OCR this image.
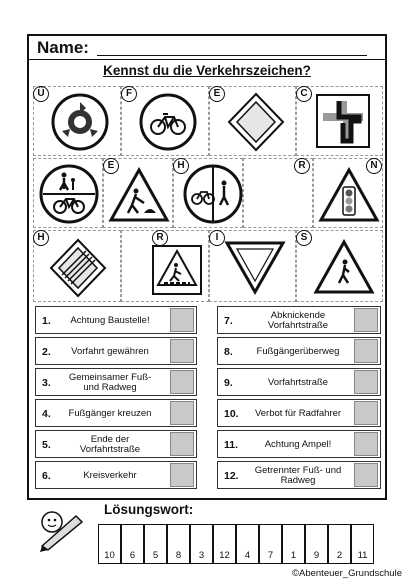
Name:
Kennst du die Verkehrszeichen?
Ü	F	E	C
E	H	R	N
H	R	I	S
1.	Achtung Baustelle!
2.	Vorfahrt gewähren
3.	Gemeinsamer Fuß- und Radweg
4.	Fußgänger kreuzen
5.	Ende der Vorfahrtstraße
6.	Kreisverkehr
7.	Abknickende Vorfahrtstraße
8.	Fußgängerüberweg
9.	Vorfahrtstraße
10.	Verbot für Radfahrer
11.	Achtung Ampel!
12.	Getrennter Fuß- und Radweg
Lösungswort:
10	6	5	8	3	12	4	7	1	9	2	11
©Abenteuer_Grundschule
